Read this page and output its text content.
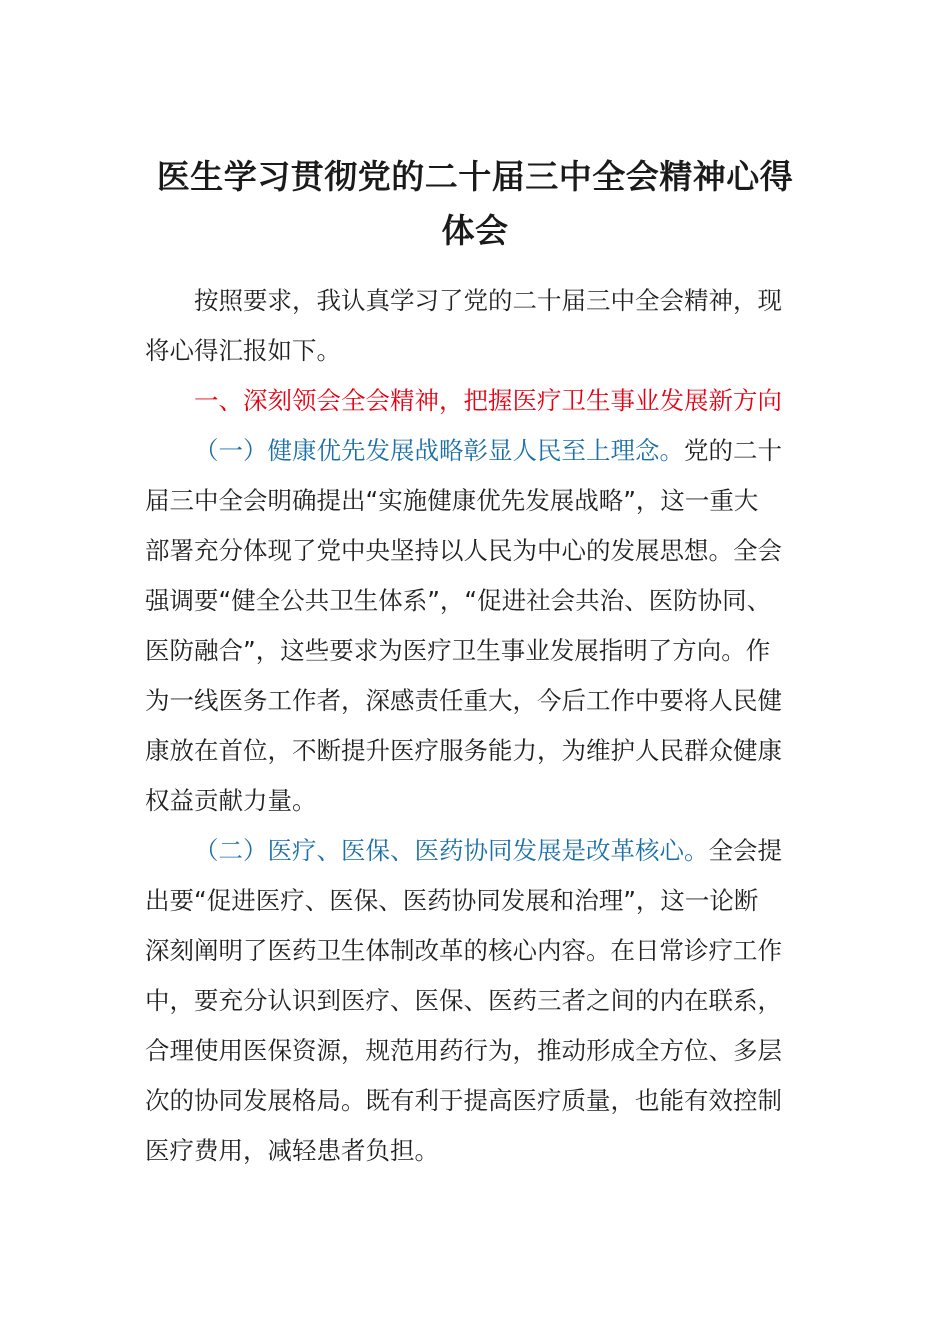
医生学习贯彻党的二十届三中全会精神心得
体会
按照要求，我认真学习了党的二十届三中全会精神，现
将心得汇报如下。
一、深刻领会全会精神，把握医疗卫生事业发展新方向
（一）健康优先发展战略彰显人民至上理念。党的二十
届三中全会明确提出“实施健康优先发展战略”，这一重大
部署充分体现了党中央坚持以人民为中心的发展思想。全会
强调要“健全公共卫生体系”，“促进社会共治、医防协同、
医防融合”，这些要求为医疗卫生事业发展指明了方向。作
为一线医务工作者，深感责任重大，今后工作中要将人民健
康放在首位，不断提升医疗服务能力，为维护人民群众健康
权益贡献力量。
（二）医疗、医保、医药协同发展是改革核心。全会提
出要“促进医疗、医保、医药协同发展和治理”，这一论断
深刻阐明了医药卫生体制改革的核心内容。在日常诊疗工作
中，要充分认识到医疗、医保、医药三者之间的内在联系，
合理使用医保资源，规范用药行为，推动形成全方位、多层
次的协同发展格局。既有利于提高医疗质量，也能有效控制
医疗费用，减轻患者负担。
